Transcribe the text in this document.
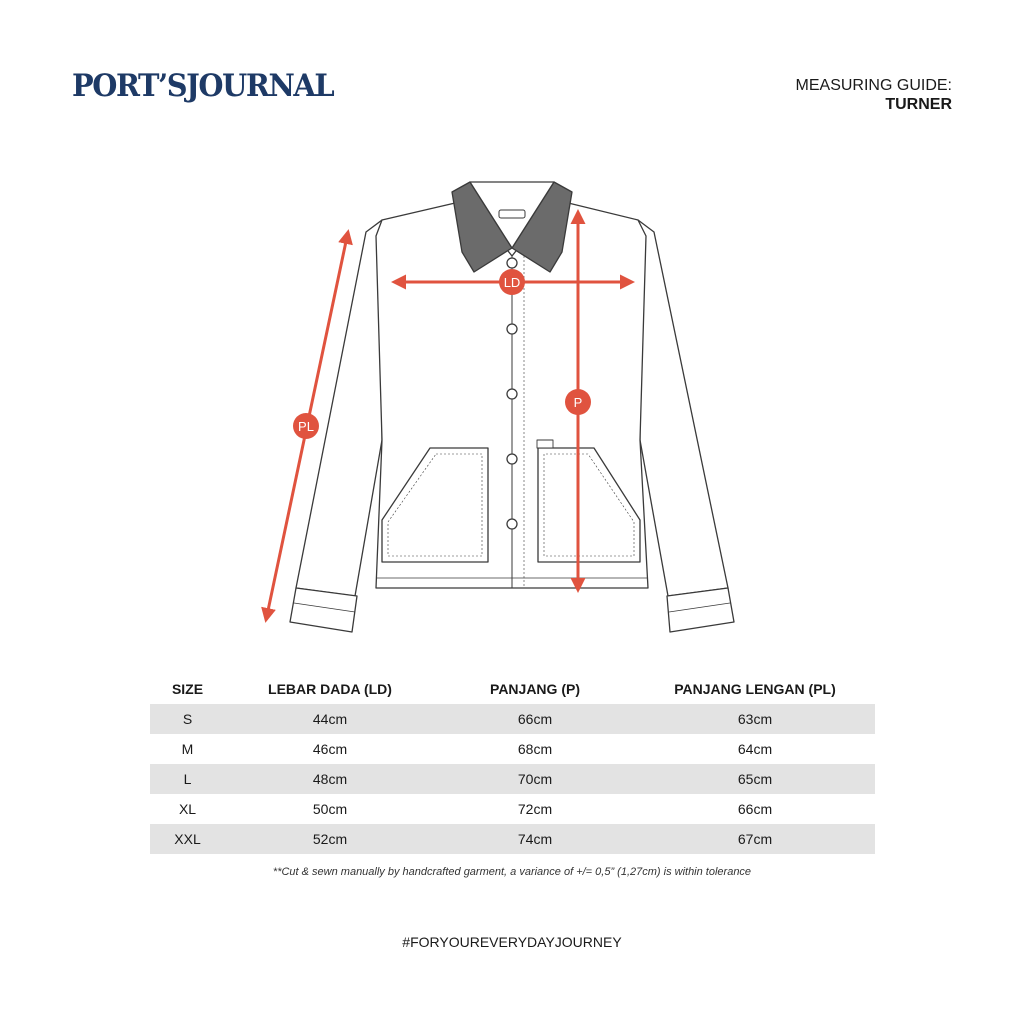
PORT’SJOURNAL	MEASURING GUIDE:
TURNER
LD
P
PL
SIZE	LEBAR DADA (LD)	PANJANG (P)	PANJANG LENGAN (PL)
S	44cm	66cm	63cm
M	46cm	68cm	64cm
L	48cm	70cm	65cm
XL	50cm	72cm	66cm
XXL	52cm	74cm	67cm
**Cut & sewn manually by handcrafted garment, a variance of +/= 0,5” (1,27cm) is within tolerance
#FORYOUREVERYDAYJOURNEY
